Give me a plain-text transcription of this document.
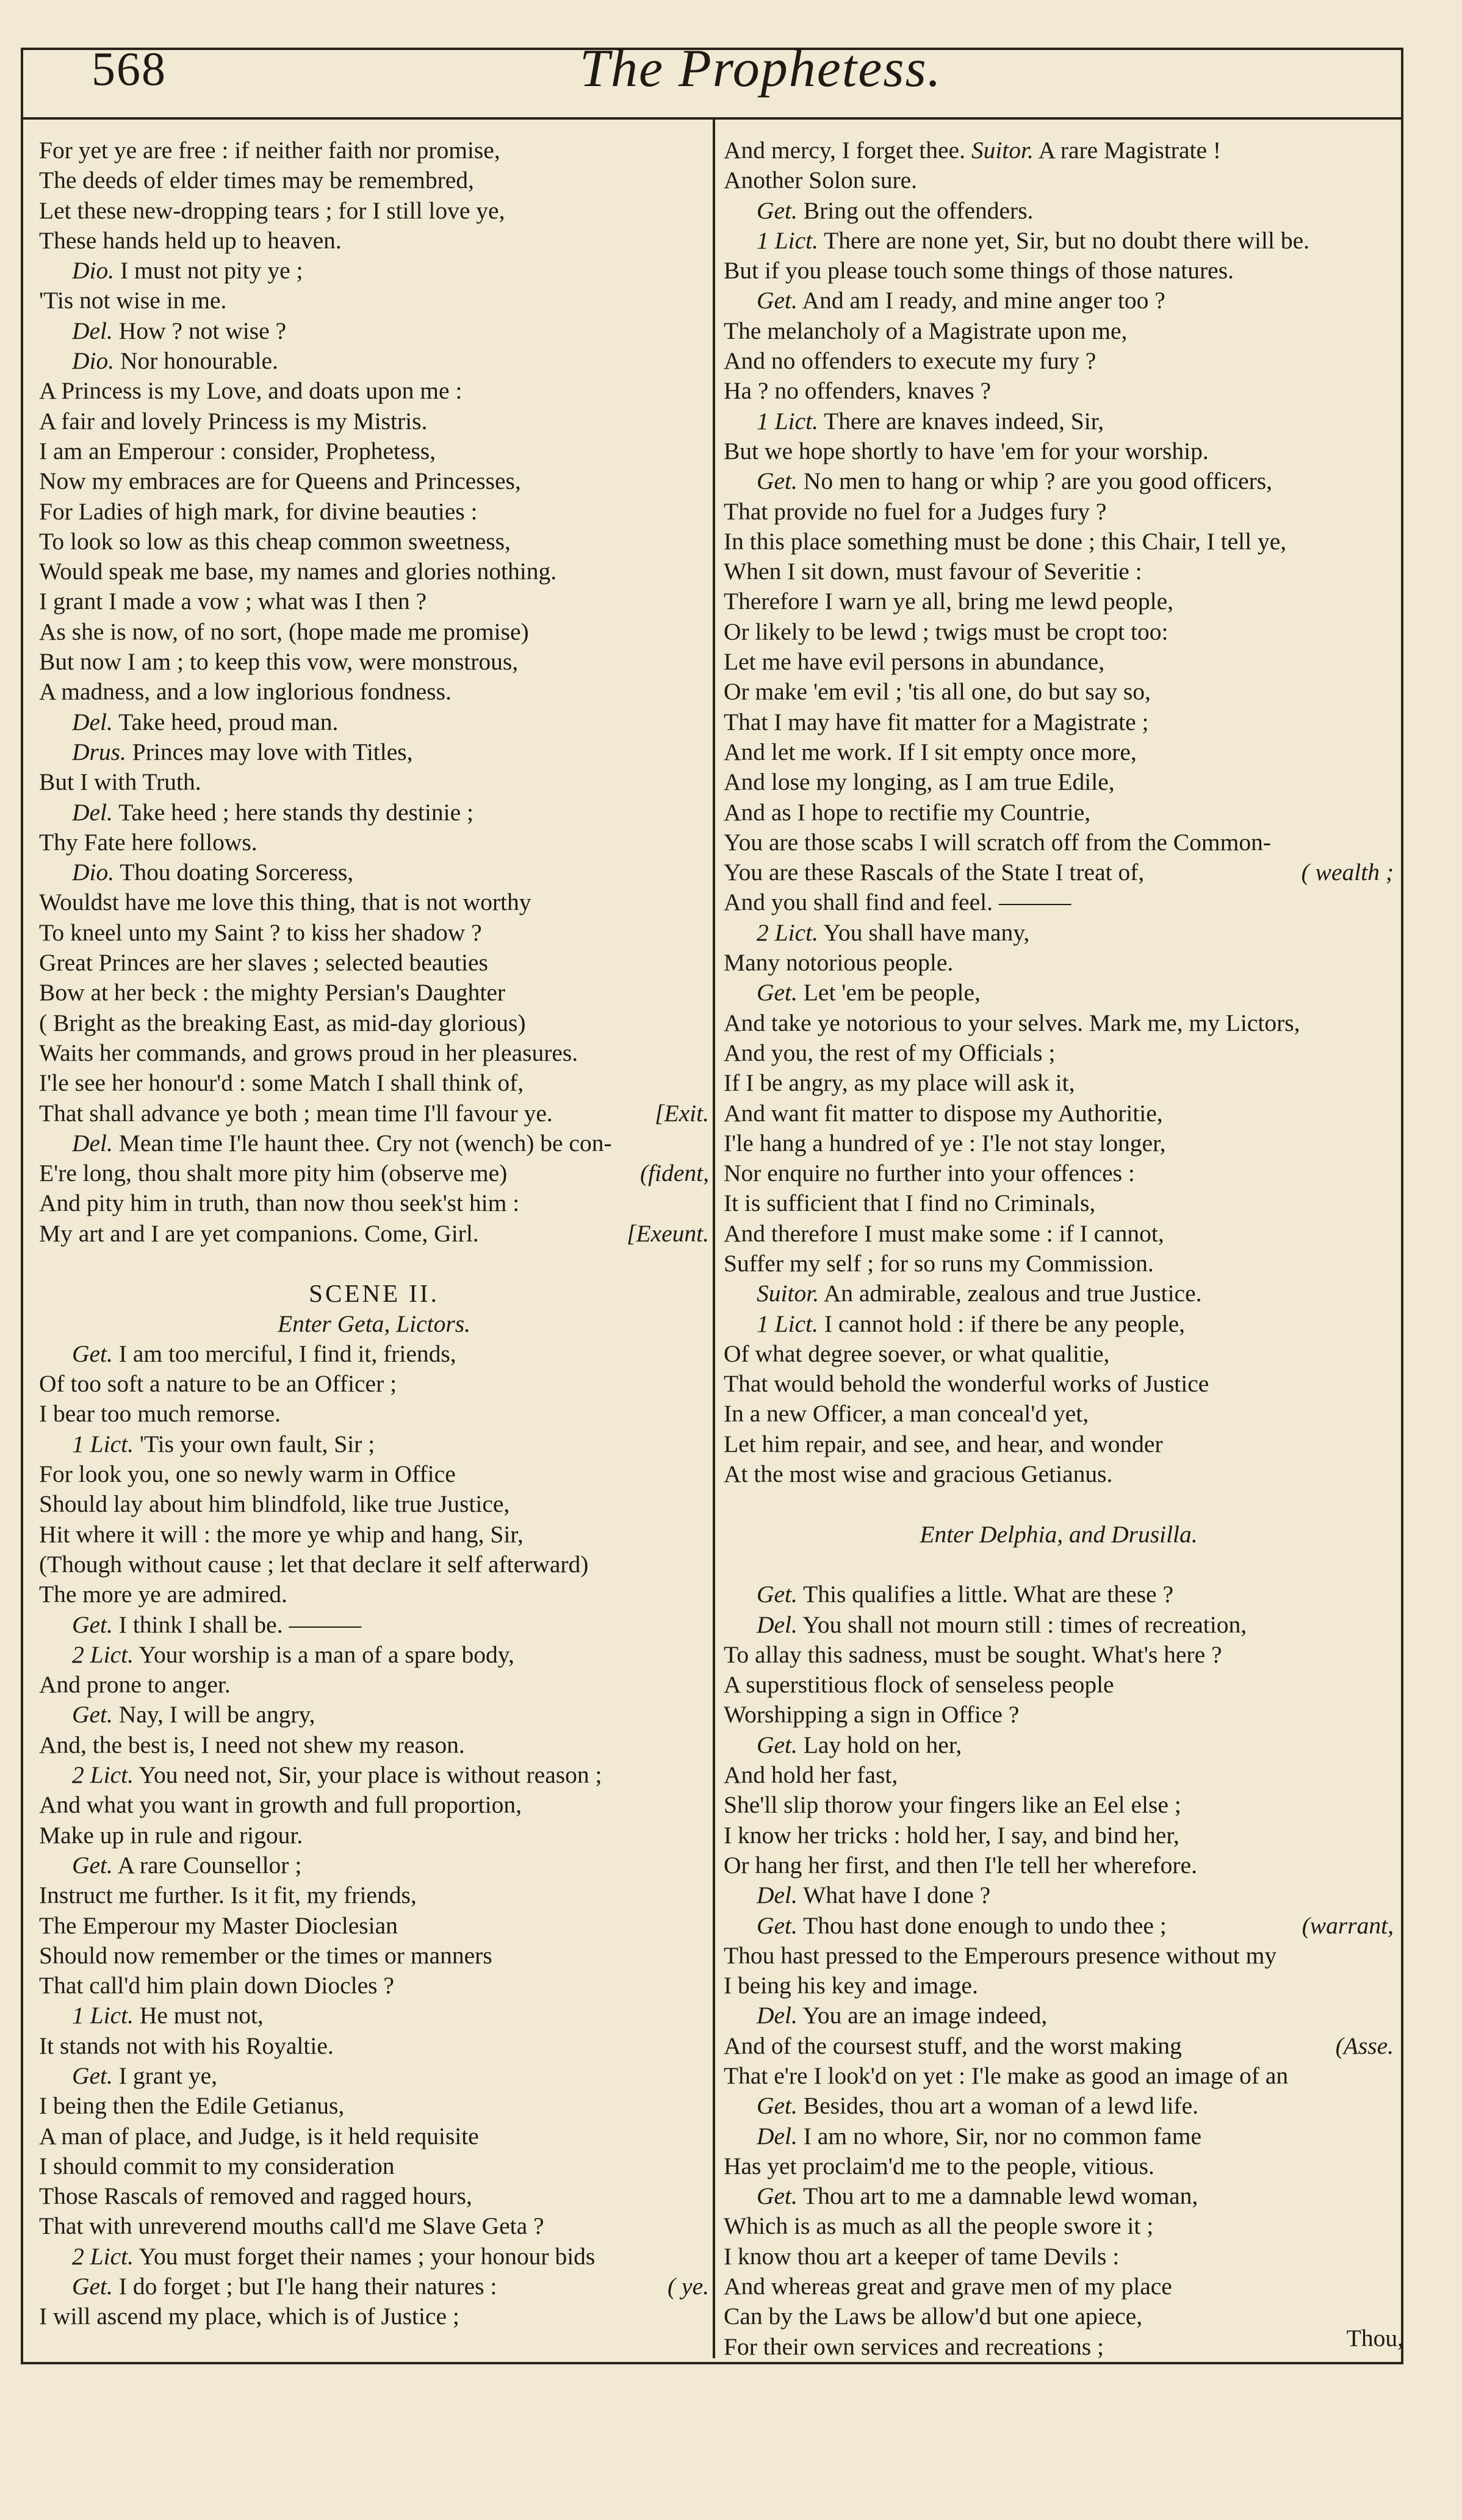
568	The Prophetess.
For yet ye are free : if neither faith nor promise,
The deeds of elder times may be remembred,
Let these new-dropping tears ; for I still love ye,
These hands held up to heaven.
Dio. I must not pity ye ;
'Tis not wise in me.
Del. How ? not wise ?
Dio. Nor honourable.
A Princess is my Love, and doats upon me :
A fair and lovely Princess is my Mistris.
I am an Emperour : consider, Prophetess,
Now my embraces are for Queens and Princesses,
For Ladies of high mark, for divine beauties :
To look so low as this cheap common sweetness,
Would speak me base, my names and glories nothing.
I grant I made a vow ; what was I then ?
As she is now, of no sort, (hope made me promise)
But now I am ; to keep this vow, were monstrous,
A madness, and a low inglorious fondness.
Del. Take heed, proud man.
Drus. Princes may love with Titles,
But I with Truth.
Del. Take heed ; here stands thy destinie ;
Thy Fate here follows.
Dio. Thou doating Sorceress,
Wouldst have me love this thing, that is not worthy
To kneel unto my Saint ? to kiss her shadow ?
Great Princes are her slaves ; selected beauties
Bow at her beck : the mighty Persian's Daughter
( Bright as the breaking East, as mid-day glorious)
Waits her commands, and grows proud in her pleasures.
I'le see her honour'd : some Match I shall think of,
That shall advance ye both ; mean time I'll favour ye.	[Exit.
Del. Mean time I'le haunt thee. Cry not (wench) be con-
E're long, thou shalt more pity him (observe me)	(fident,
And pity him in truth, than now thou seek'st him :
My art and I are yet companions. Come, Girl.	[Exeunt.
SCENE II.
Enter Geta, Lictors.
Get. I am too merciful, I find it, friends,
Of too soft a nature to be an Officer ;
I bear too much remorse.
1 Lict. 'Tis your own fault, Sir ;
For look you, one so newly warm in Office
Should lay about him blindfold, like true Justice,
Hit where it will : the more ye whip and hang, Sir,
(Though without cause ; let that declare it self afterward)
The more ye are admired.
Get. I think I shall be. ———
2 Lict. Your worship is a man of a spare body,
And prone to anger.
Get. Nay, I will be angry,
And, the best is, I need not shew my reason.
2 Lict. You need not, Sir, your place is without reason ;
And what you want in growth and full proportion,
Make up in rule and rigour.
Get. A rare Counsellor ;
Instruct me further. Is it fit, my friends,
The Emperour my Master Dioclesian
Should now remember or the times or manners
That call'd him plain down Diocles ?
1 Lict. He must not,
It stands not with his Royaltie.
Get. I grant ye,
I being then the Edile Getianus,
A man of place, and Judge, is it held requisite
I should commit to my consideration
Those Rascals of removed and ragged hours,
That with unreverend mouths call'd me Slave Geta ?
2 Lict. You must forget their names ; your honour bids
Get. I do forget ; but I'le hang their natures :	( ye.
I will ascend my place, which is of Justice ;
And mercy, I forget thee. Suitor. A rare Magistrate !
Another Solon sure.
Get. Bring out the offenders.
1 Lict. There are none yet, Sir, but no doubt there will be.
But if you please touch some things of those natures.
Get. And am I ready, and mine anger too ?
The melancholy of a Magistrate upon me,
And no offenders to execute my fury ?
Ha ? no offenders, knaves ?
1 Lict. There are knaves indeed, Sir,
But we hope shortly to have 'em for your worship.
Get. No men to hang or whip ? are you good officers,
That provide no fuel for a Judges fury ?
In this place something must be done ; this Chair, I tell ye,
When I sit down, must favour of Severitie :
Therefore I warn ye all, bring me lewd people,
Or likely to be lewd ; twigs must be cropt too:
Let me have evil persons in abundance,
Or make 'em evil ; 'tis all one, do but say so,
That I may have fit matter for a Magistrate ;
And let me work. If I sit empty once more,
And lose my longing, as I am true Edile,
And as I hope to rectifie my Countrie,
You are those scabs I will scratch off from the Common-
You are these Rascals of the State I treat of,	( wealth ;
And you shall find and feel. ———
2 Lict. You shall have many,
Many notorious people.
Get. Let 'em be people,
And take ye notorious to your selves. Mark me, my Lictors,
And you, the rest of my Officials ;
If I be angry, as my place will ask it,
And want fit matter to dispose my Authoritie,
I'le hang a hundred of ye : I'le not stay longer,
Nor enquire no further into your offences :
It is sufficient that I find no Criminals,
And therefore I must make some : if I cannot,
Suffer my self ; for so runs my Commission.
Suitor. An admirable, zealous and true Justice.
1 Lict. I cannot hold : if there be any people,
Of what degree soever, or what qualitie,
That would behold the wonderful works of Justice
In a new Officer, a man conceal'd yet,
Let him repair, and see, and hear, and wonder
At the most wise and gracious Getianus.
Enter Delphia, and Drusilla.
Get. This qualifies a little. What are these ?
Del. You shall not mourn still : times of recreation,
To allay this sadness, must be sought. What's here ?
A superstitious flock of senseless people
Worshipping a sign in Office ?
Get. Lay hold on her,
And hold her fast,
She'll slip thorow your fingers like an Eel else ;
I know her tricks : hold her, I say, and bind her,
Or hang her first, and then I'le tell her wherefore.
Del. What have I done ?
Get. Thou hast done enough to undo thee ;	(warrant,
Thou hast pressed to the Emperours presence without my
I being his key and image.
Del. You are an image indeed,
And of the coursest stuff, and the worst making	(Asse.
That e're I look'd on yet : I'le make as good an image of an
Get. Besides, thou art a woman of a lewd life.
Del. I am no whore, Sir, nor no common fame
Has yet proclaim'd me to the people, vitious.
Get. Thou art to me a damnable lewd woman,
Which is as much as all the people swore it ;
I know thou art a keeper of tame Devils :
And whereas great and grave men of my place
Can by the Laws be allow'd but one apiece,
For their own services and recreations ;	Thou,
